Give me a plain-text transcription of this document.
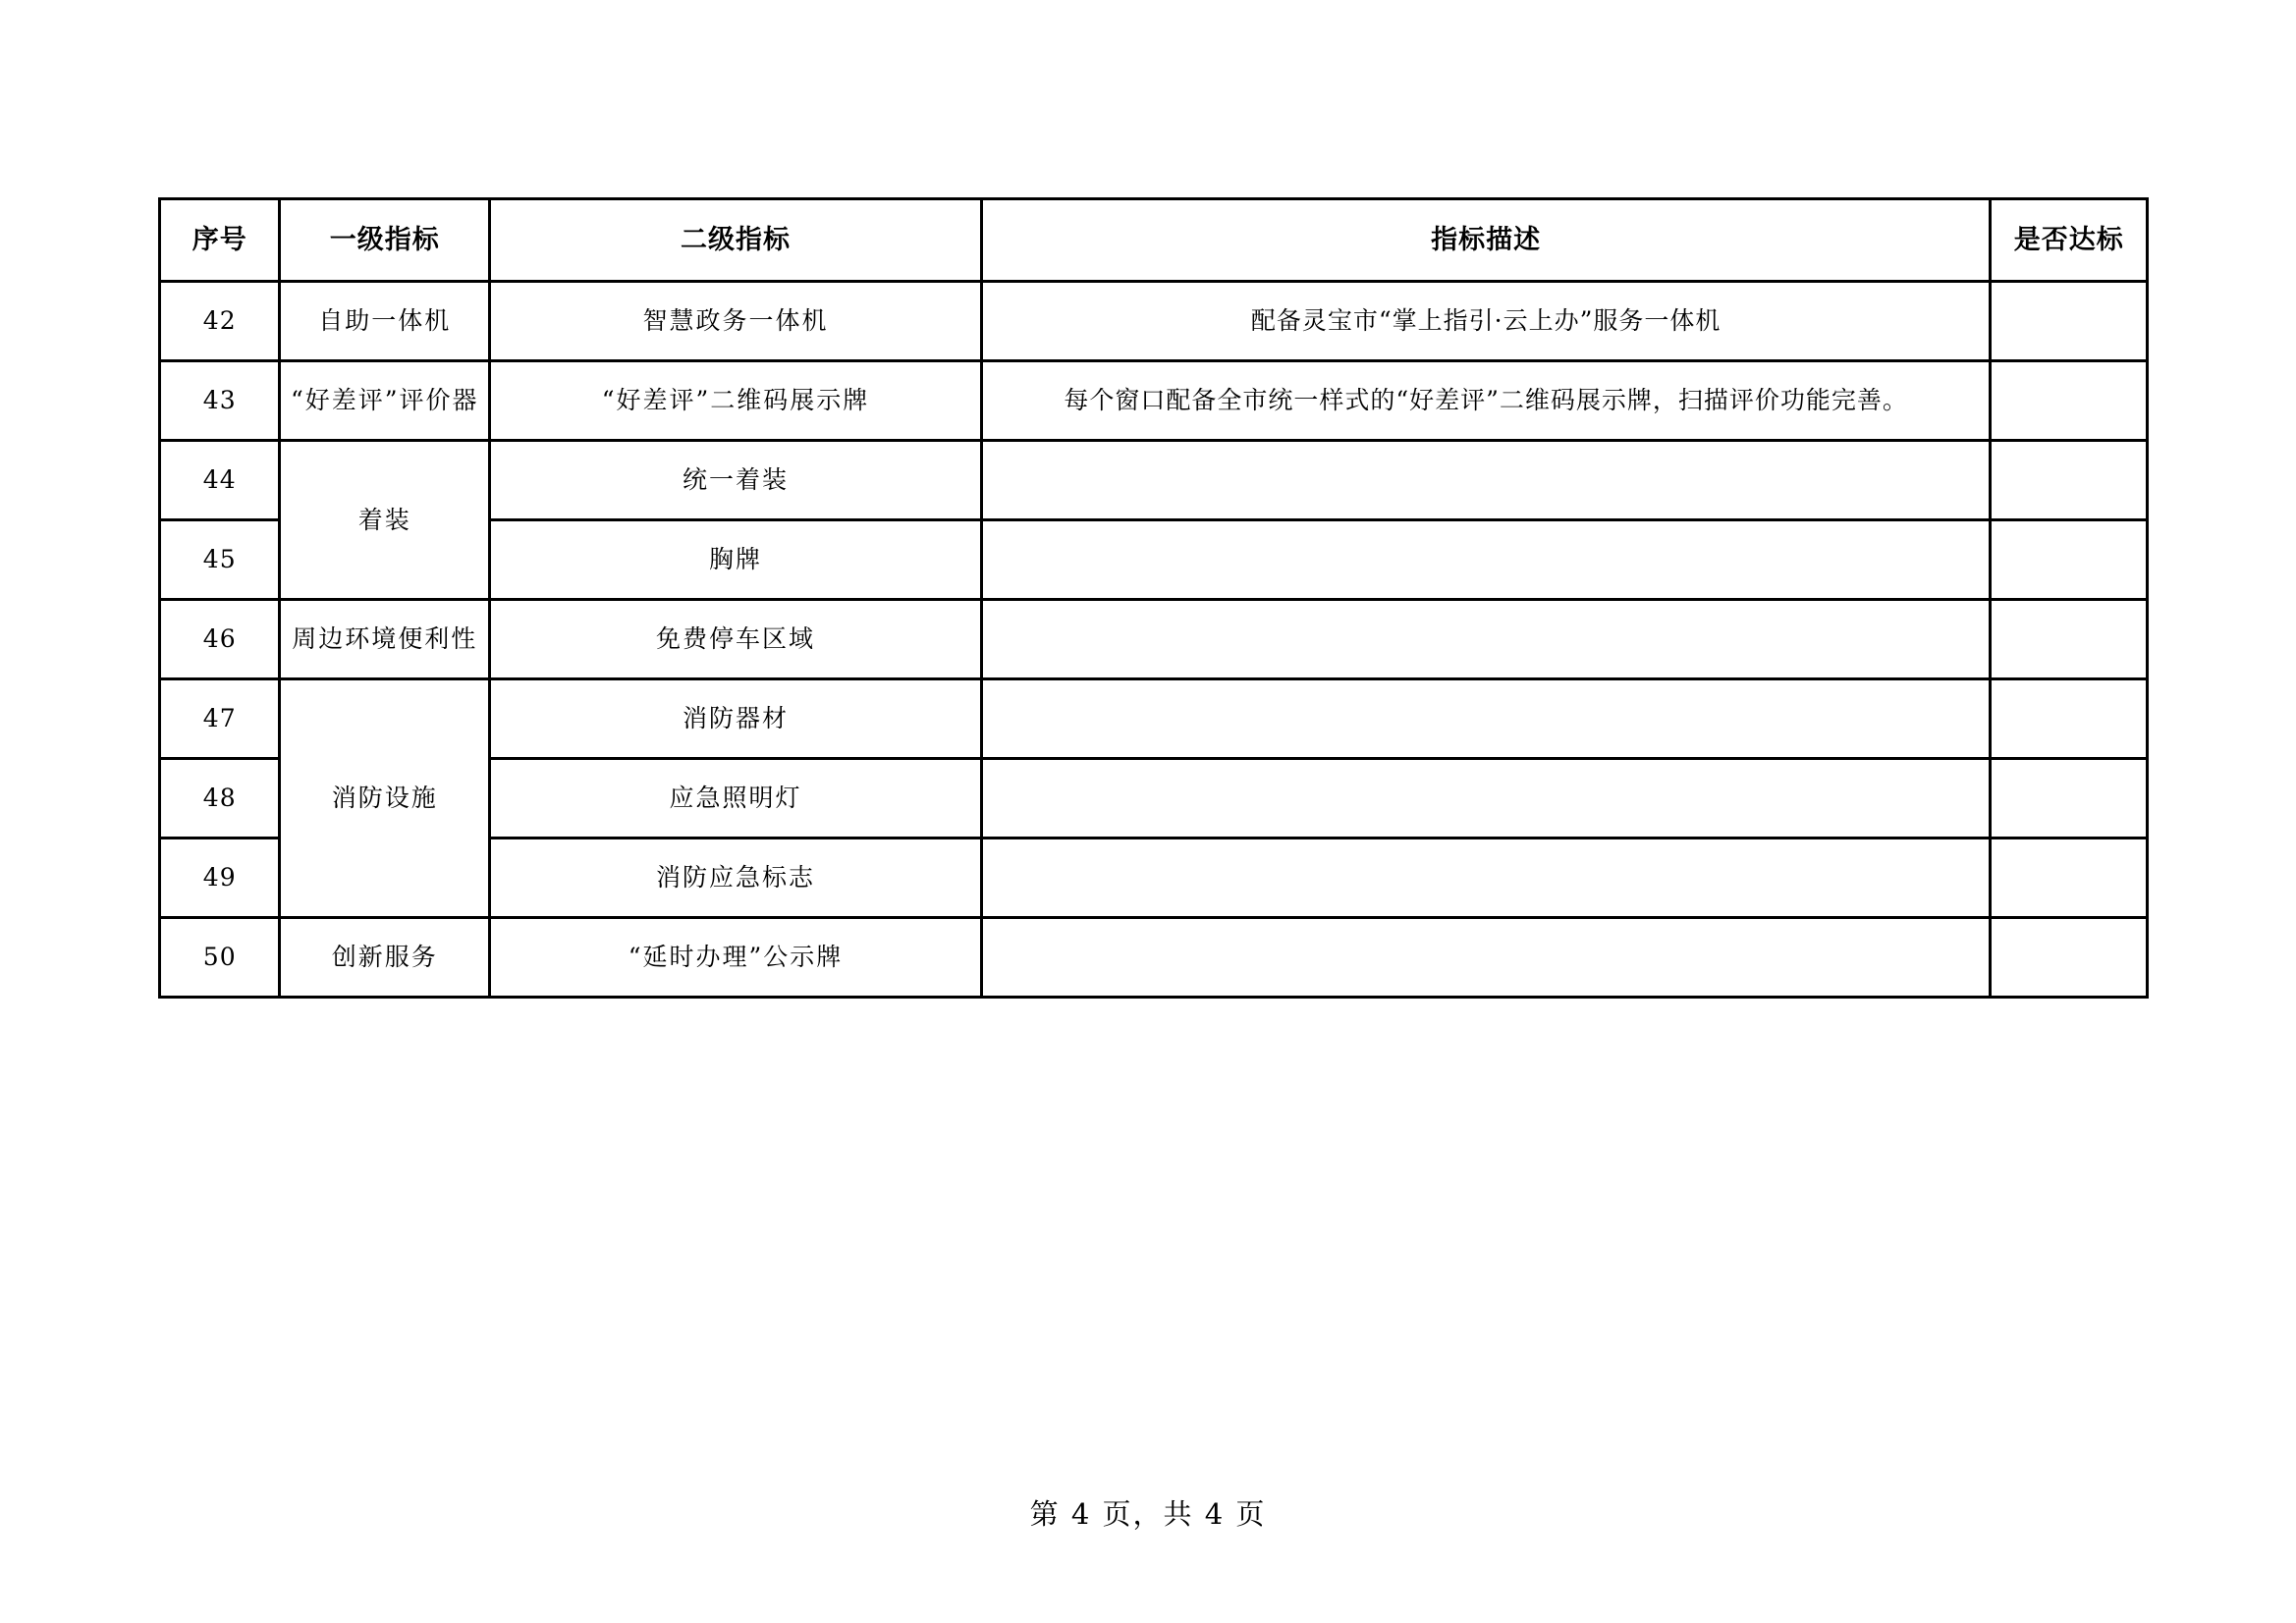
序号	一级指标	二级指标	指标描述	是否达标
42	自助一体机	智慧政务一体机	配备灵宝市“掌上指引·云上办”服务一体机	
43	“好差评”评价器	“好差评”二维码展示牌	每个窗口配备全市统一样式的“好差评”二维码展示牌，扫描评价功能完善。	
44	着装	统一着装		
45		胸牌		
46	周边环境便利性	免费停车区域		
47	消防设施	消防器材		
48		应急照明灯		
49		消防应急标志		
50	创新服务	“延时办理”公示牌		
第 4 页，共 4 页
